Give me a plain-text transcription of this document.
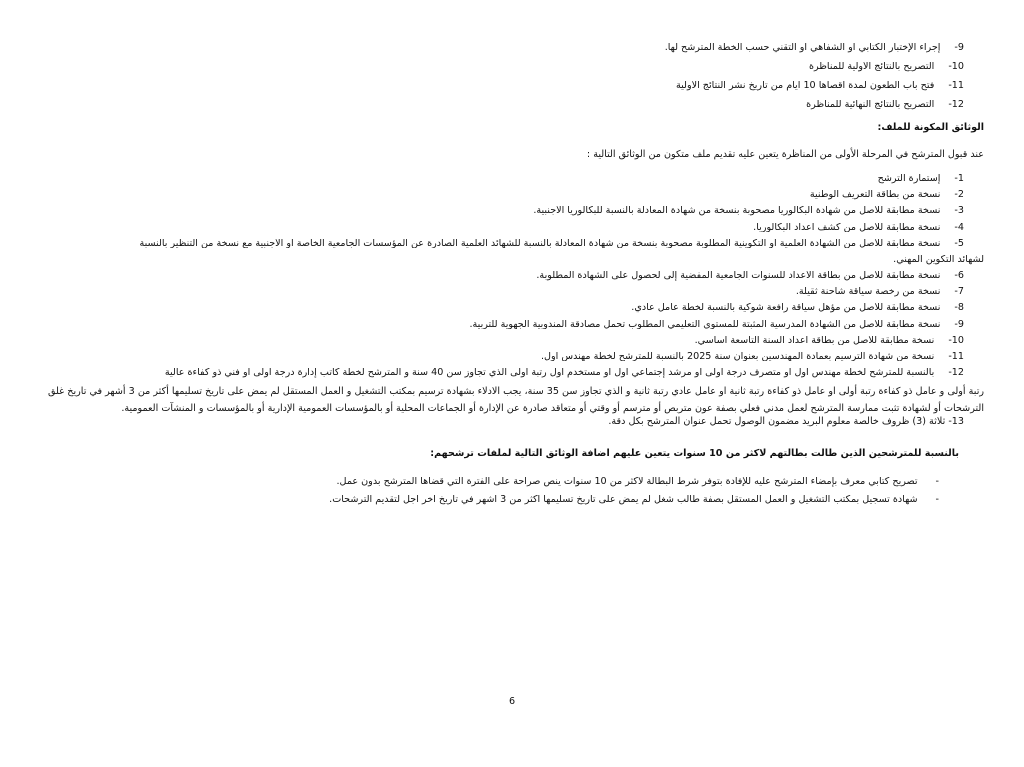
-9
إجراء الإختبار الكتابي أو الشفاهي أو التقني حسب الخطة المترشح لها.
-10
التصريح بالنتائج الاولية للمناظرة
-11
فتح باب الطعون لمدة اقصاها 10 ايام من تاريخ نشر النتائج الاولية
-12
التصريح بالنتائج النهائية للمناظرة
الوثائق المكونة للملف:
عند قبول المترشح في المرحلة الأولى من المناظرة يتعين عليه تقديم ملف متكون من الوثائق التالية :
-1
إستمارة الترشح
-2
نسخة من بطاقة التعريف الوطنية
-3
نسخة مطابقة للأصل من شهادة البكالوريا مصحوبة بنسخة من شهادة المعادلة بالنسبة للبكالوريا الأجنبية.
-4
نسخة مطابقة للأصل من كشف أعداد البكالوريا.
-5
نسخة مطابقة للأصل من الشهادة العلمية أو التكوينية المطلوبة مصحوبة بنسخة من شهادة المعادلة بالنسبة للشهائد العلمية الصادرة عن المؤسسات الجامعية الخاصة أو الأجنبية مع نسخة من التنظير بالنسبة
لشهائد التكوين المهني.
-6
نسخة مطابقة للأصل من بطاقة الأعداد للسنوات الجامعية المفضية إلى لحصول على الشهادة المطلوبة.
-7
نسخة من رخصة سياقة شاحنة ثقيلة.
-8
نسخة مطابقة للأصل من مؤهل سياقة رافعة شوكية بالنسبة لخطة عامل عادي.
-9
نسخة مطابقة للأصل من الشهادة المدرسية المثبتة للمستوى التعليمي المطلوب تحمل مصادقة المندوبية الجهوية للتربية.
-10
نسخة مطابقة للأصل من بطاقة أعداد السنة التاسعة أساسي.
-11
نسخة من شهادة الترسيم بعمادة المهندسين بعنوان سنة 2025 بالنسبة للمترشح لخطة مهندس أول.
-12
بالنسبة للمترشح لخطة مهندس أول او متصرف درجة أولى او مرشد إجتماعي أول او مستخدم أول رتبة أولى الذي تجاوز سن 40 سنة و المترشح لخطة كاتب إدارة درجة أولى او فني ذو كفاءة عالية
رتبة أولى و عامل ذو كفاءة رتبة أولى او عامل ذو كفاءة رتبة ثانية او عامل عادي رتبة ثانية و الذي تجاوز سن 35 سنة، يجب الادلاء بشهادة ترسيم بمكتب التشغيل و العمل المستقل لم يمض على تاريخ تسليمها أكثر من 3 أشهر في تاريخ غلق الترشحات أو لشهادة تثبت ممارسة المترشح لعمل مدني فعلي بصفة عون متربص أو مترسم أو وقتي أو متعاقد صادرة عن الإدارة أو الجماعات المحلية أو بالمؤسسات العمومية الإدارية أو بالمؤسسات و المنشآت العمومية.
13- ثلاثة (3) ظروف خالصة معلوم البريد مضمون الوصول تحمل عنوان المترشح بكل دقة.
بالنسبة للمترشحين الذين طالت بطالتهم لاكثر من 10 سنوات يتعين عليهم اضافة الوثائق التالية لملفات ترشحهم:
-
تصريح كتابي معرف بإمضاء المترشح عليه للإفادة بتوفر شرط البطالة لأكثر من 10 سنوات ينص صراحة على الفترة التي قضاها المترشح بدون عمل.
-
شهادة تسجيل بمكتب التشغيل و العمل المستقل بصفة طالب شغل لم يمض على تاريخ تسليمها أكثر من 3 اشهر في تاريخ آخر أجل لتقديم الترشحات.
6
